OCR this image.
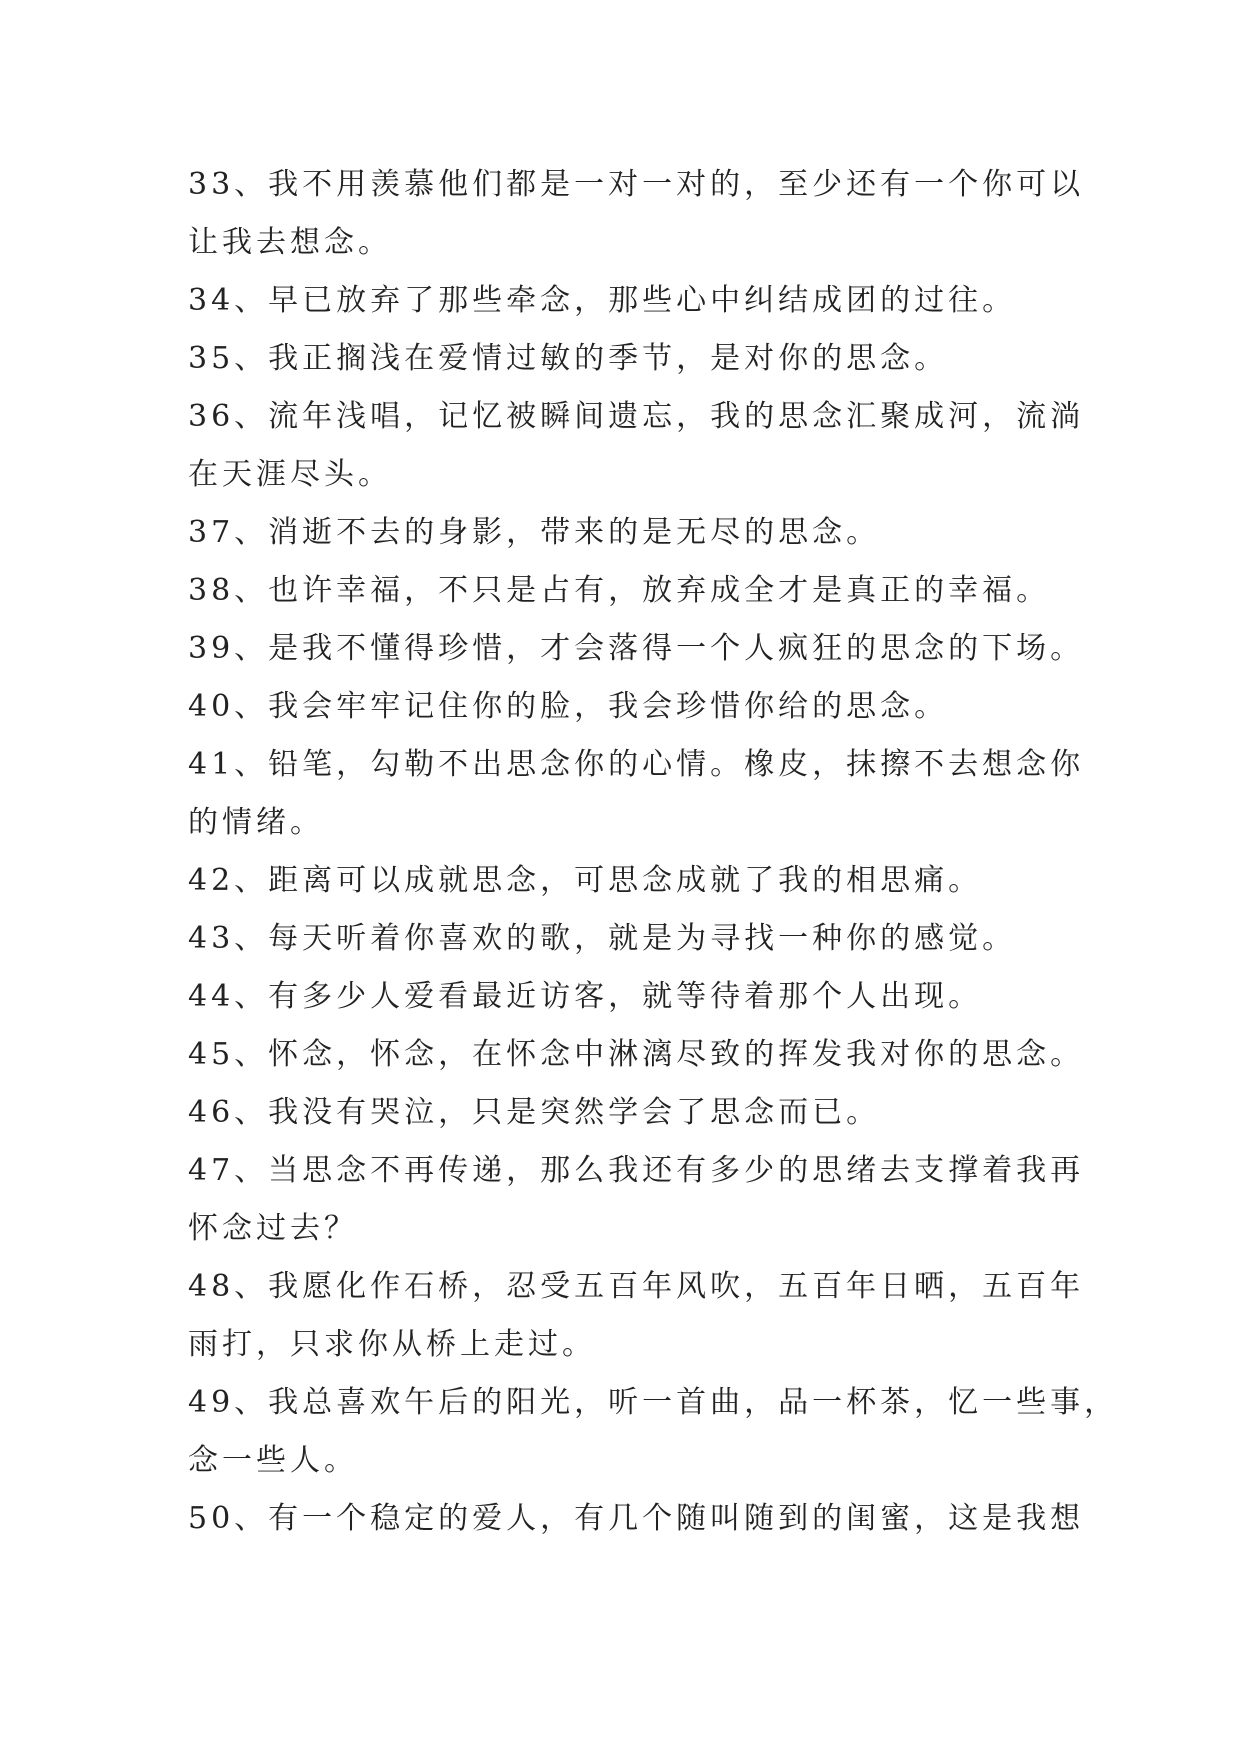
33、我不用羡慕他们都是一对一对的，至少还有一个你可以
让我去想念。
34、早已放弃了那些牵念，那些心中纠结成团的过往。
35、我正搁浅在爱情过敏的季节，是对你的思念。
36、流年浅唱，记忆被瞬间遗忘，我的思念汇聚成河，流淌
在天涯尽头。
37、消逝不去的身影，带来的是无尽的思念。
38、也许幸福，不只是占有，放弃成全才是真正的幸福。
39、是我不懂得珍惜，才会落得一个人疯狂的思念的下场。
40、我会牢牢记住你的脸，我会珍惜你给的思念。
41、铅笔，勾勒不出思念你的心情。橡皮，抹擦不去想念你
的情绪。
42、距离可以成就思念，可思念成就了我的相思痛。
43、每天听着你喜欢的歌，就是为寻找一种你的感觉。
44、有多少人爱看最近访客，就等待着那个人出现。
45、怀念，怀念，在怀念中淋漓尽致的挥发我对你的思念。
46、我没有哭泣，只是突然学会了思念而已。
47、当思念不再传递，那么我还有多少的思绪去支撑着我再
怀念过去？
48、我愿化作石桥，忍受五百年风吹，五百年日晒，五百年
雨打，只求你从桥上走过。
49、我总喜欢午后的阳光，听一首曲，品一杯茶，忆一些事，
念一些人。
50、有一个稳定的爱人，有几个随叫随到的闺蜜，这是我想
